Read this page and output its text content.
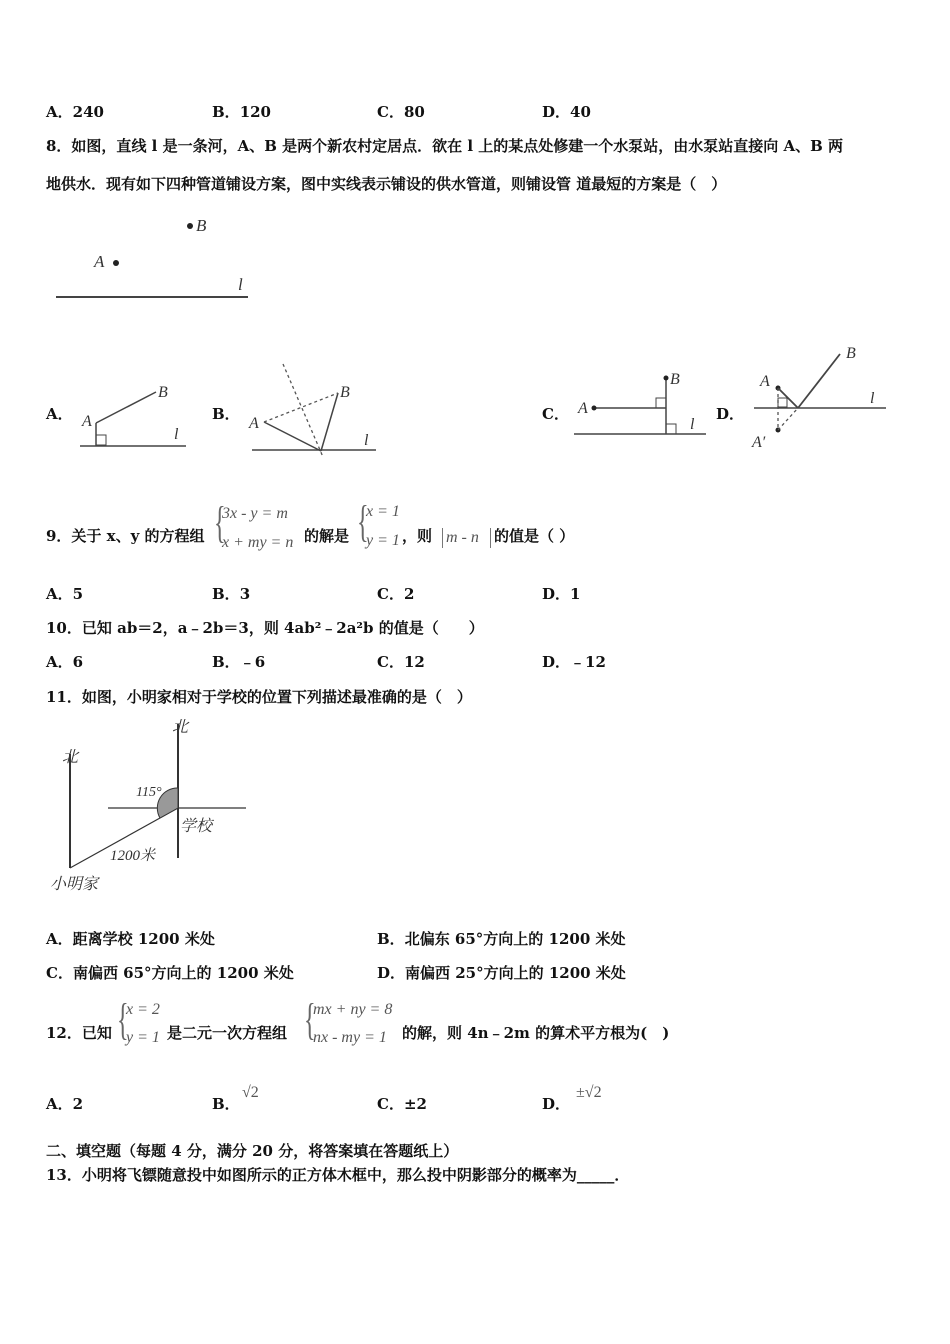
A．240	B．120	C．80	D．40
8．如图，直线 l 是一条河，A、B 是两个新农村定居点．欲在 l 上的某点处修建一个水泵站，由水泵站直接向 A、B 两
地供水．现有如下四种管道铺设方案，图中实线表示铺设的供水管道，则铺设管 道最短的方案是（　）
B
A
l
A．	B．	C．	D．
A
B
l
A
B
l
A
B
l
A
A′
B
l
9．关于 x、y 的方程组 {
3x - y = m
x + my = n 的解是 {
x = 1
y = 1 ，则 m - n 的值是（ ）
A．5	B．3	C．2	D．1
10．已知 ab＝2，a﹣2b＝3，则 4ab²﹣2a²b 的值是（　　）
A．6	B．﹣6	C．12	D．﹣12
11．如图，小明家相对于学校的位置下列描述最准确的是（　）
北
北
115°
学校
1200米
小明家
A．距离学校 1200 米处	B．北偏东 65°方向上的 1200 米处
C．南偏西 65°方向上的 1200 米处	D．南偏西 25°方向上的 1200 米处
12．已知 {
x = 2
y = 1 是二元一次方程组 {
mx + ny = 8
nx - my = 1 的解，则 4n﹣2m 的算术平方根为(　)
A．2	B．
√2
C．±2	D．
±√2
二、填空题（每题 4 分，满分 20 分，将答案填在答题纸上）
13．小明将飞镖随意投中如图所示的正方体木框中，那么投中阴影部分的概率为_____．
